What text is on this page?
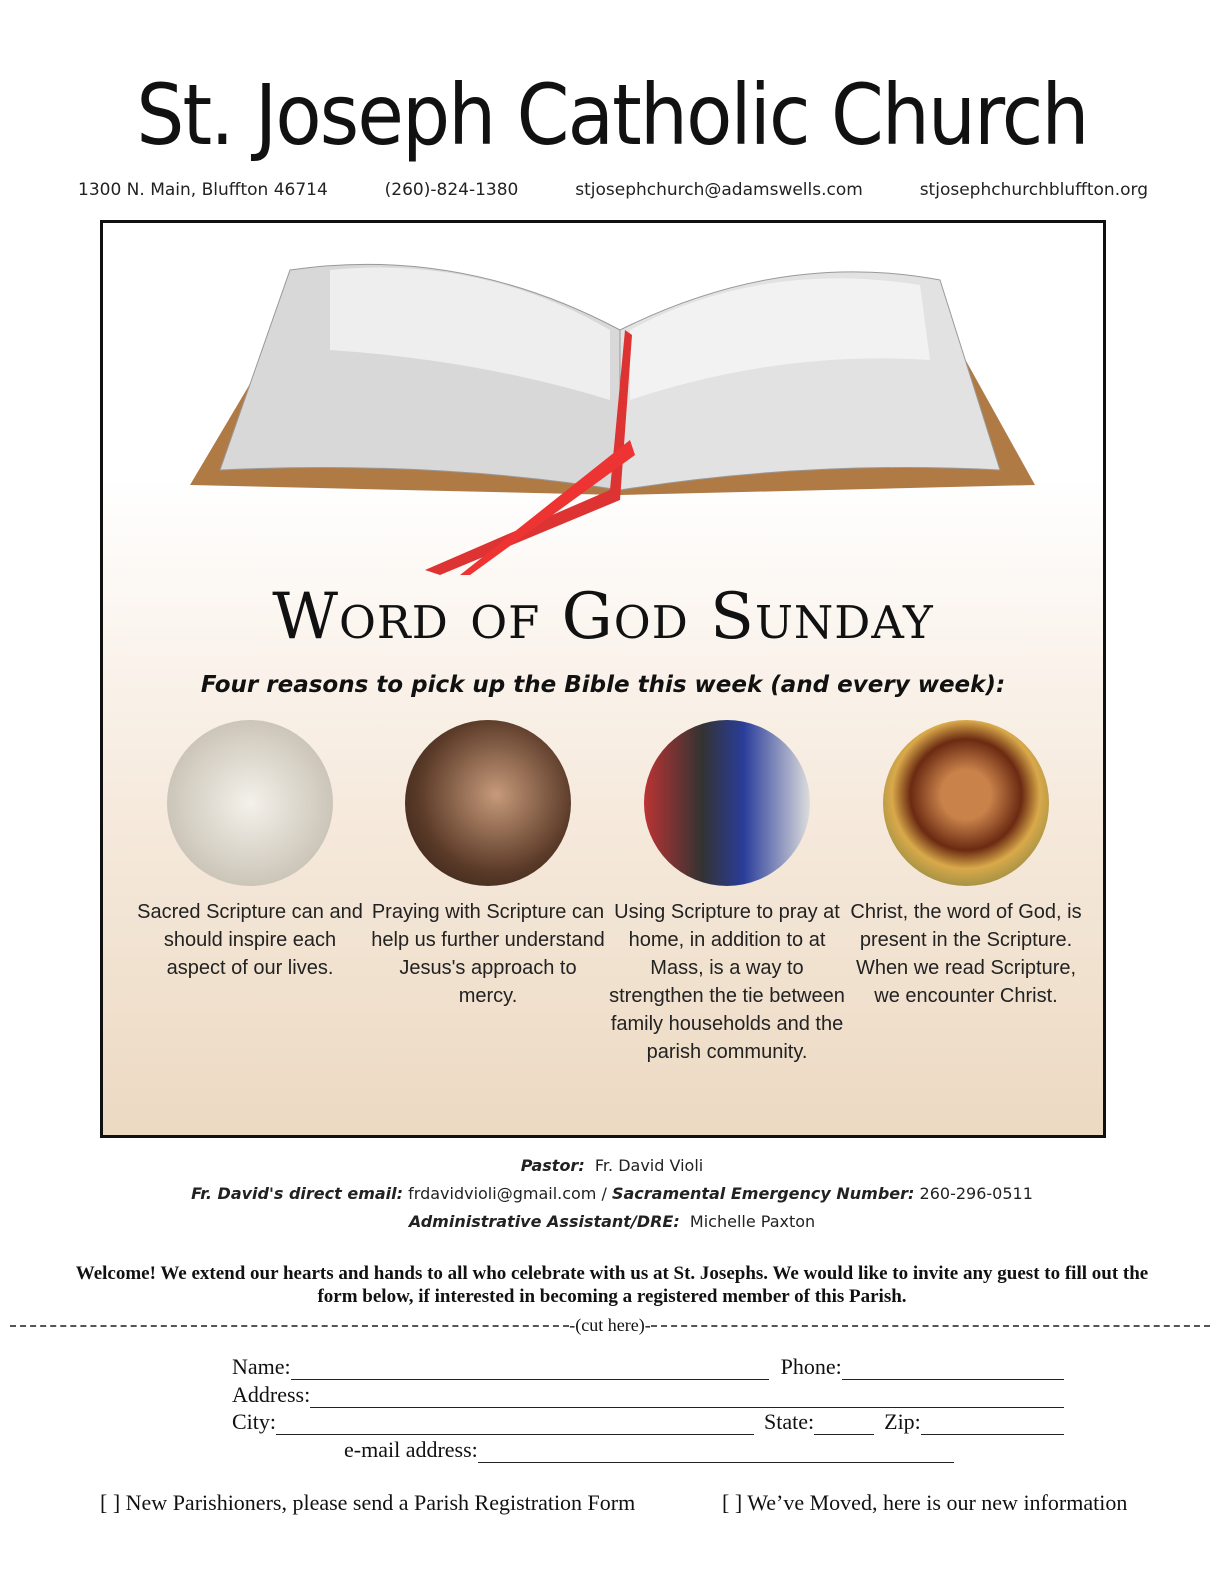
St. Joseph Catholic Church
1300 N. Main, Bluffton 46714	(260)-824-1380	stjosephchurch@adamswells.com	stjosephchurchbluffton.org
Word of God Sunday
Four reasons to pick up the Bible this week (and every week):
Sacred Scripture can and should inspire each aspect of our lives.
Praying with Scripture can help us further understand Jesus's approach to mercy.
Using Scripture to pray at home, in addition to at Mass, is a way to strengthen the tie between family households and the parish community.
Christ, the word of God, is present in the Scripture. When we read Scripture, we encounter Christ.
Pastor: Fr. David Violi
Fr. David's direct email: frdavidvioli@gmail.com / Sacramental Emergency Number: 260-296-0511
Administrative Assistant/DRE: Michelle Paxton
Welcome! We extend our hearts and hands to all who celebrate with us at St. Josephs. We would like to invite any guest to fill out the form below, if interested in becoming a registered member of this Parish.
-(cut here)-
Name:	Phone:
Address:
City:	State:	Zip:
e-mail address:
[ ] New Parishioners, please send a Parish Registration Form	[ ] We’ve Moved, here is our new information
